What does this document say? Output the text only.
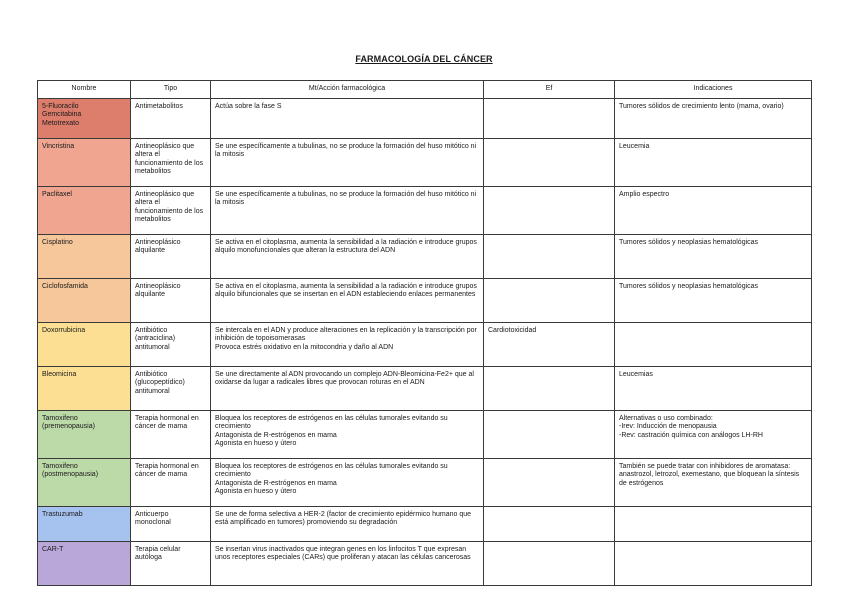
FARMACOLOGÍA DEL CÁNCER
Nombre	Tipo	Mt/Acción farmacológica	Ef	Indicaciones
5-Fluoracilo
Gemcitabina
Metotrexato	Antimetabolitos	Actúa sobre la fase S		Tumores sólidos de crecimiento lento (mama, ovario)
Vincristina	Antineoplásico que altera el funcionamiento de los metabolitos	Se une específicamente a tubulinas, no se produce la formación del huso mitótico ni la mitosis		Leucemia
Paclitaxel	Antineoplásico que altera el funcionamiento de los metabolitos	Se une específicamente a tubulinas, no se produce la formación del huso mitótico ni la mitosis		Amplio espectro
Cisplatino	Antineoplásico alquilante	Se activa en el citoplasma, aumenta la sensibilidad a la radiación e introduce grupos alquilo monofuncionales que alteran la estructura del ADN		Tumores sólidos y neoplasias hematológicas
Ciclofosfamida	Antineoplásico alquilante	Se activa en el citoplasma, aumenta la sensibilidad a la radiación e introduce grupos alquilo bifuncionales que se insertan en el ADN estableciendo enlaces permanentes		Tumores sólidos y neoplasias hematológicas
Doxorrubicina	Antibiótico (antraciclina) antitumoral	Se intercala en el ADN y produce alteraciones en la replicación y la transcripción por inhibición de topoisomerasas
Provoca estrés oxidativo en la mitocondria y daño al ADN	Cardiotoxicidad	
Bleomicina	Antibiótico (glucopeptídico) antitumoral	Se une directamente al ADN provocando un complejo ADN-Bleomicina-Fe2+ que al oxidarse da lugar a radicales libres que provocan roturas en el ADN		Leucemias
Tamoxifeno
(premenopausia)	Terapia hormonal en cáncer de mama	Bloquea los receptores de estrógenos en las células tumorales evitando su crecimiento
Antagonista de R-estrógenos en mama
Agonista en hueso y útero		Alternativas o uso combinado:
-Irev: Inducción de menopausia
-Rev: castración química con análogos LH-RH
Tamoxifeno
(postmenopausia)	Terapia hormonal en cáncer de mama	Bloquea los receptores de estrógenos en las células tumorales evitando su crecimiento
Antagonista de R-estrógenos en mama
Agonista en hueso y útero		También se puede tratar con inhibidores de aromatasa: anastrozol, letrozol, exemestano, que bloquean la síntesis de estrógenos
Trastuzumab	Anticuerpo monoclonal	Se une de forma selectiva a HER-2 (factor de crecimiento epidérmico humano que está amplificado en tumores) promoviendo su degradación		
CAR-T	Terapia celular autóloga	Se insertan virus inactivados que integran genes en los linfocitos T que expresan unos receptores especiales (CARs) que proliferan y atacan las células cancerosas		
